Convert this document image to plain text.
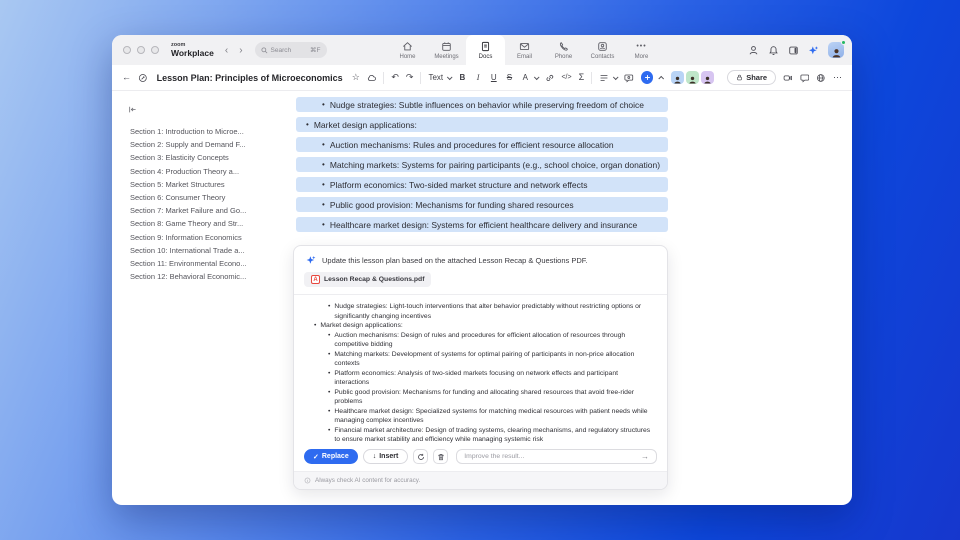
zoom
Workplace ‹ ›	Search	⌘F
Home	Meetings	Docs	Email	Phone	Contacts
•••
More
←	Lesson Plan: Principles of Microeconomics ☆	↶ ↷ Text B	I	U S A	</> Σ	Share	⋯
Section 1: Introduction to Microe...
Section 2: Supply and Demand F...
Section 3: Elasticity Concepts
Section 4: Production Theory a...
Section 5: Market Structures
Section 6: Consumer Theory
Section 7: Market Failure and Go...
Section 8: Game Theory and Str...
Section 9: Information Economics
Section 10: International Trade a...
Section 11: Environmental Econo...
Section 12: Behavioral Economic...
• Nudge strategies: Subtle influences on behavior while preserving freedom of choice
• Market design applications:
• Auction mechanisms: Rules and procedures for efficient resource allocation
• Matching markets: Systems for pairing participants (e.g., school choice, organ donation)
• Platform economics: Two-sided market structure and network effects
• Public good provision: Mechanisms for funding shared resources
• Healthcare market design: Systems for efficient healthcare delivery and insurance
Update this lesson plan based on the attached Lesson Recap & Questions PDF.
A Lesson Recap & Questions.pdf
• Nudge strategies: Light-touch interventions that alter behavior predictably without restricting options or significantly changing incentives
• Market design applications:
• Auction mechanisms: Design of rules and procedures for efficient allocation of resources through competitive bidding
• Matching markets: Development of systems for optimal pairing of participants in non-price allocation contexts
• Platform economics: Analysis of two-sided markets focusing on network effects and participant interactions
• Public good provision: Mechanisms for funding and allocating shared resources that avoid free-rider problems
• Healthcare market design: Specialized systems for matching medical resources with patient needs while managing complex incentives
• Financial market architecture: Design of trading systems, clearing mechanisms, and regulatory structures to ensure market stability and efficiency while managing systemic risk
✓ Replace	↓ Insert
Improve the result...	→
Always check AI content for accuracy.
